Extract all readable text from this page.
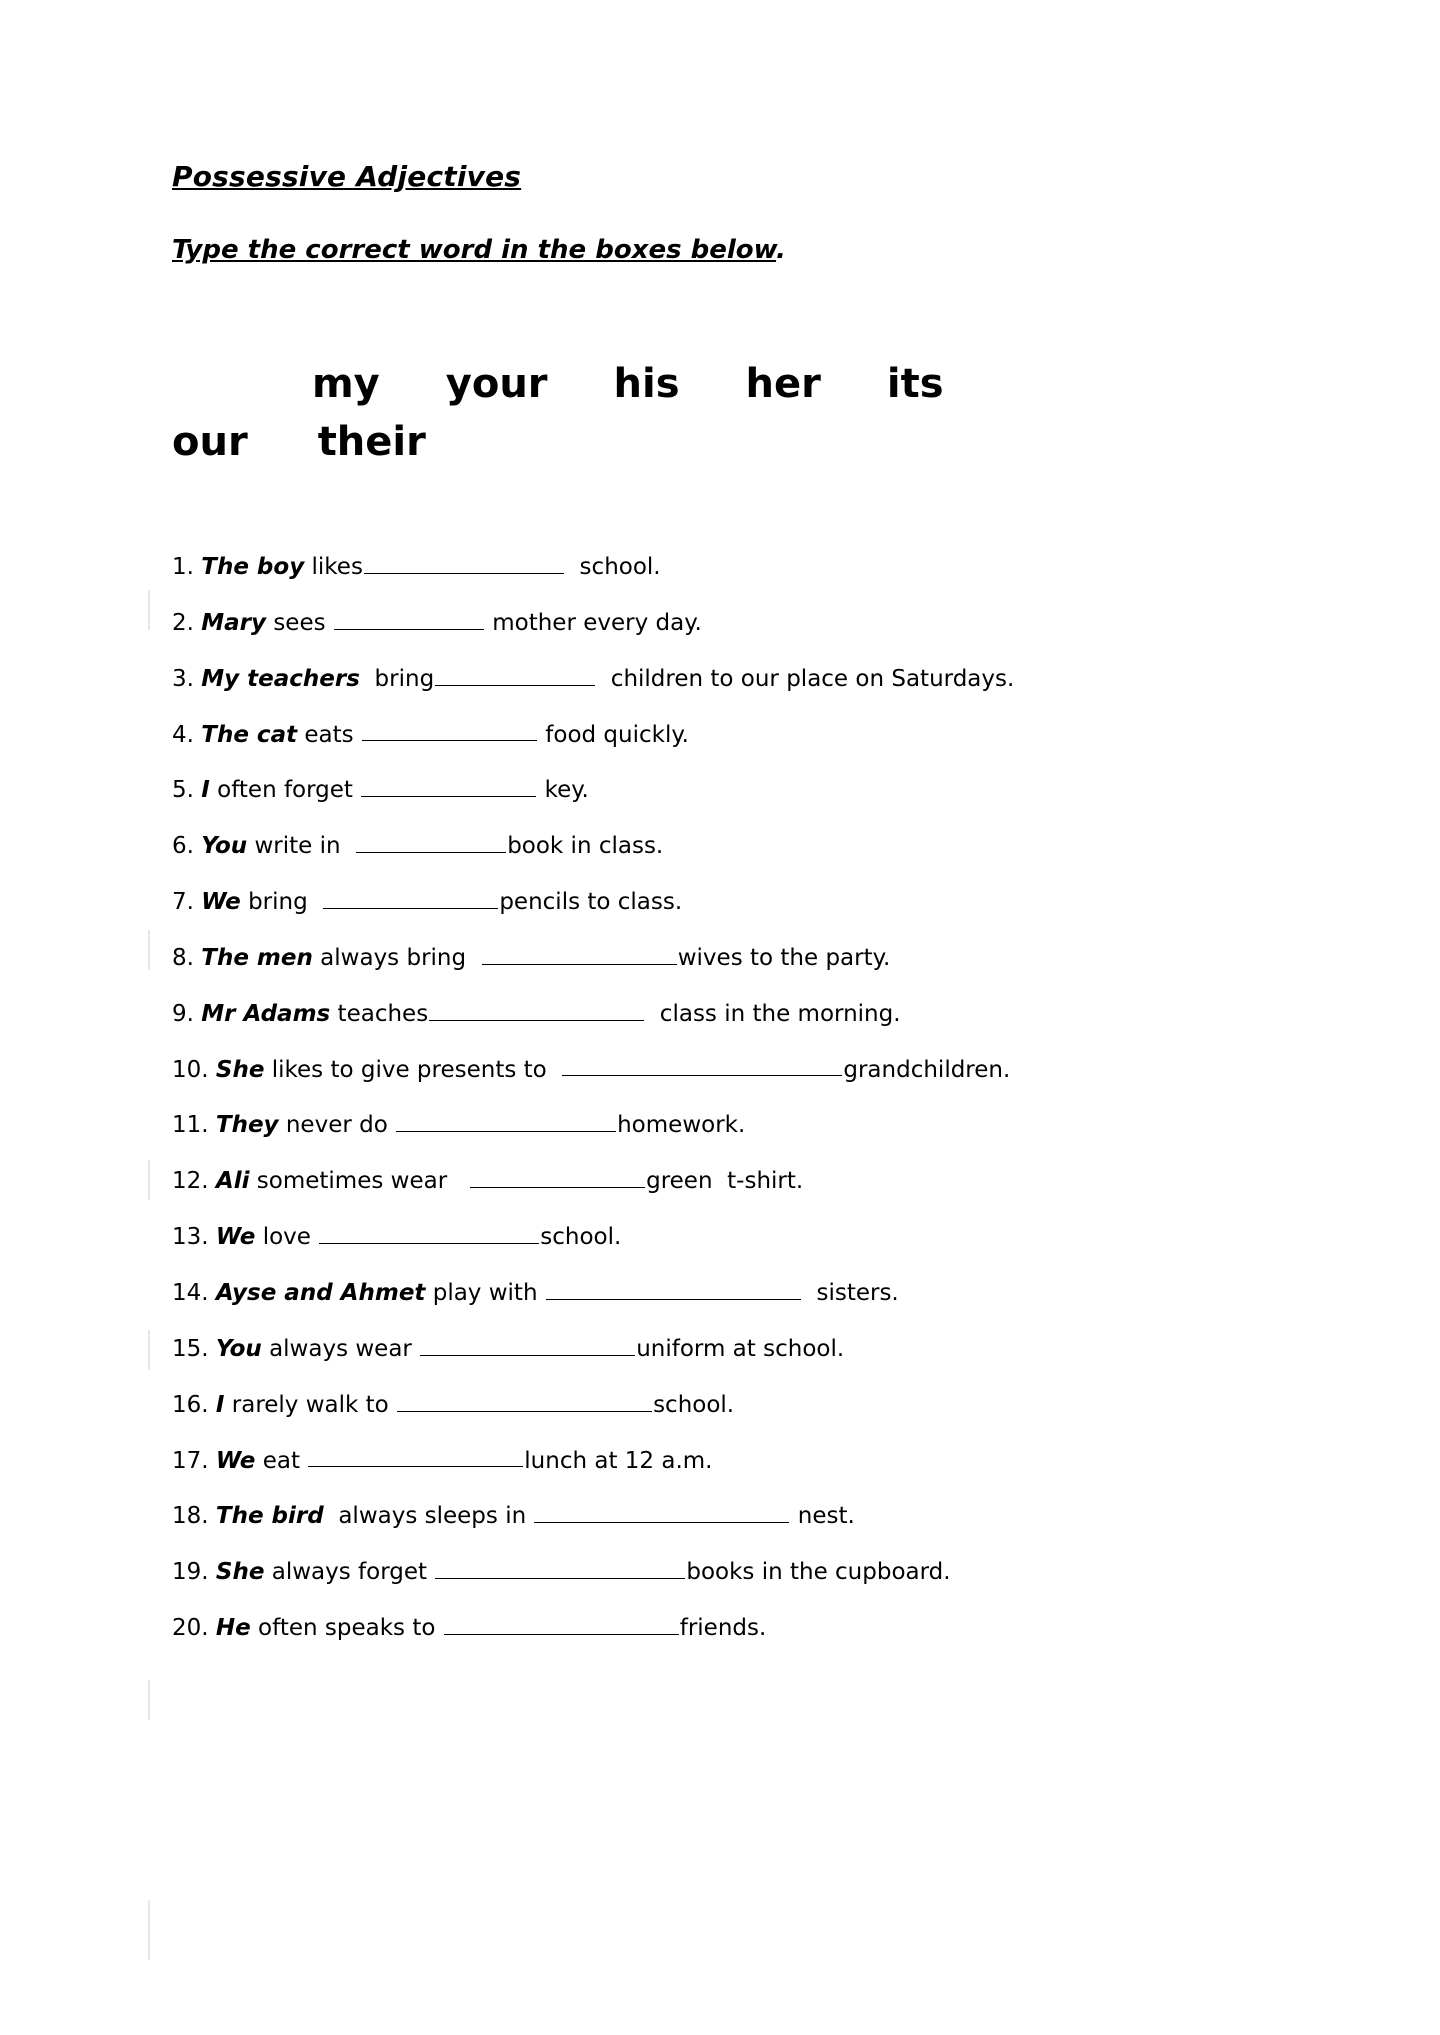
Possessive Adjectives

Type the correct word in the boxes below.

my your his her its
our their
1. The boy likes	school.
2. Mary sees	mother every day.
3. My teachers  bring	children to our place on Saturdays.
4. The cat eats	food quickly.
5. I often forget	key.
6. You write in	book in class.
7. We bring	pencils to class.
8. The men always bring	wives to the party.
9. Mr Adams teaches	class in the morning.
10. She likes to give presents to	grandchildren.
11. They never do	homework.
12. Ali sometimes wear	green  t-shirt.
13. We love	school.
14. Ayse and Ahmet play with	sisters.
15. You always wear	uniform at school.
16. I rarely walk to	school.
17. We eat	lunch at 12 a.m.
18. The bird  always sleeps in	nest.
19. She always forget	books in the cupboard.
20. He often speaks to	friends.
